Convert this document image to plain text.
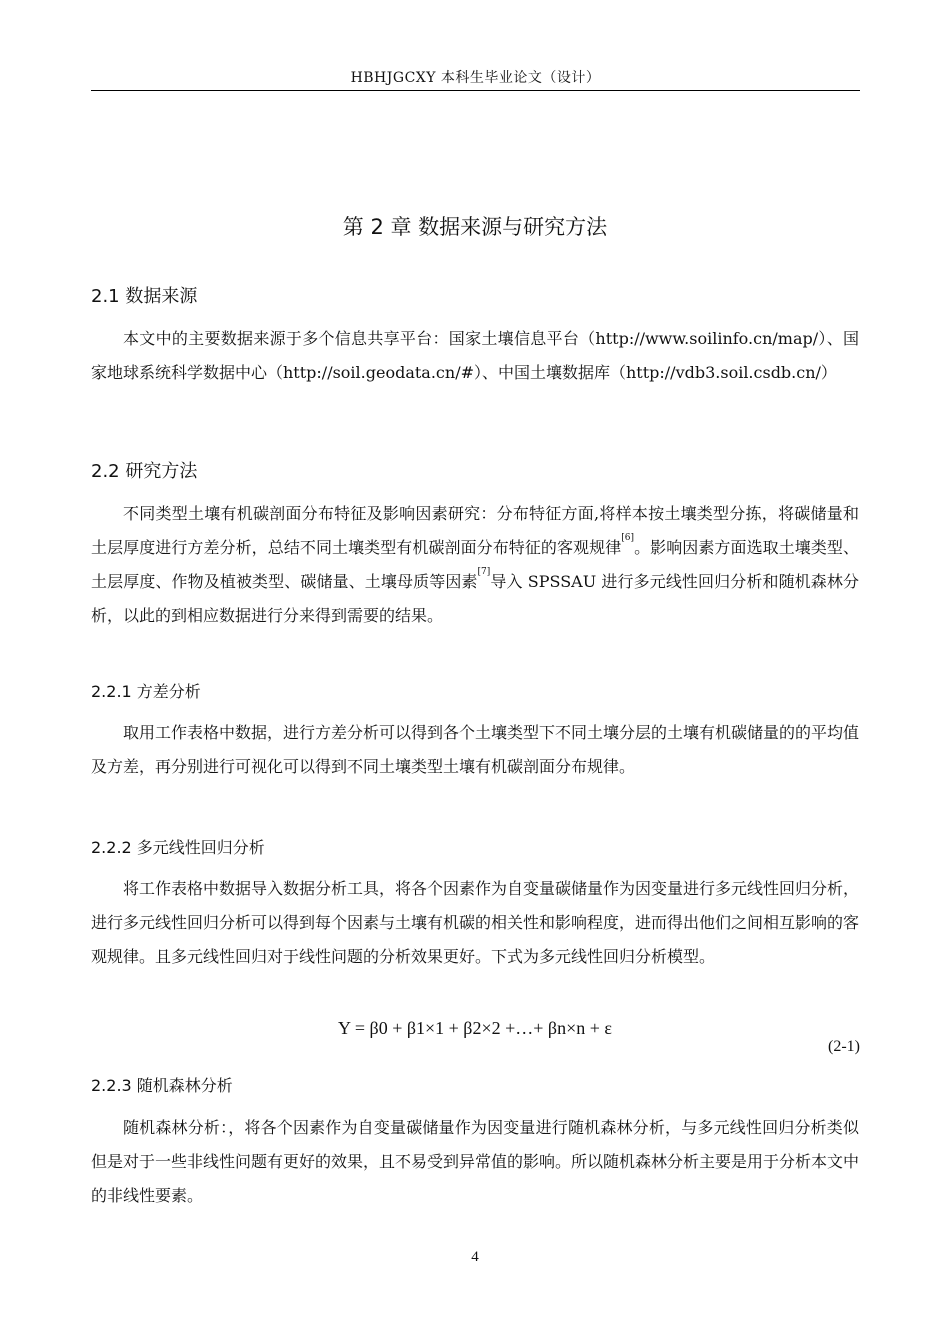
HBHJGCXY 本科生毕业论文（设计）
第 2 章 数据来源与研究方法
2.1 数据来源

本文中的主要数据来源于多个信息共享平台：国家土壤信息平台（http://www.soilinfo.cn/map/）、国家地球系统科学数据中心（http://soil.geodata.cn/#）、中国土壤数据库（http://vdb3.soil.csdb.cn/）

2.2 研究方法

不同类型土壤有机碳剖面分布特征及影响因素研究：分布特征方面,将样本按土壤类型分拣，将碳储量和土层厚度进行方差分析，总结不同土壤类型有机碳剖面分布特征的客观规律[6]。影响因素方面选取土壤类型、土层厚度、作物及植被类型、碳储量、土壤母质等因素[7]导入 SPSSAU 进行多元线性回归分析和随机森林分析，以此的到相应数据进行分来得到需要的结果。

2.2.1 方差分析

取用工作表格中数据，进行方差分析可以得到各个土壤类型下不同土壤分层的土壤有机碳储量的的平均值及方差，再分别进行可视化可以得到不同土壤类型土壤有机碳剖面分布规律。

2.2.2 多元线性回归分析

将工作表格中数据导入数据分析工具，将各个因素作为自变量碳储量作为因变量进行多元线性回归分析，进行多元线性回归分析可以得到每个因素与土壤有机碳的相关性和影响程度，进而得出他们之间相互影响的客观规律。且多元线性回归对于线性问题的分析效果更好。下式为多元线性回归分析模型。

Y = β0 + β1×1 + β2×2 +…+ βn×n + ε
(2-1)
2.2.3 随机森林分析

随机森林分析：，将各个因素作为自变量碳储量作为因变量进行随机森林分析，与多元线性回归分析类似但是对于一些非线性问题有更好的效果，且不易受到异常值的影响。所以随机森林分析主要是用于分析本文中的非线性要素。

4
